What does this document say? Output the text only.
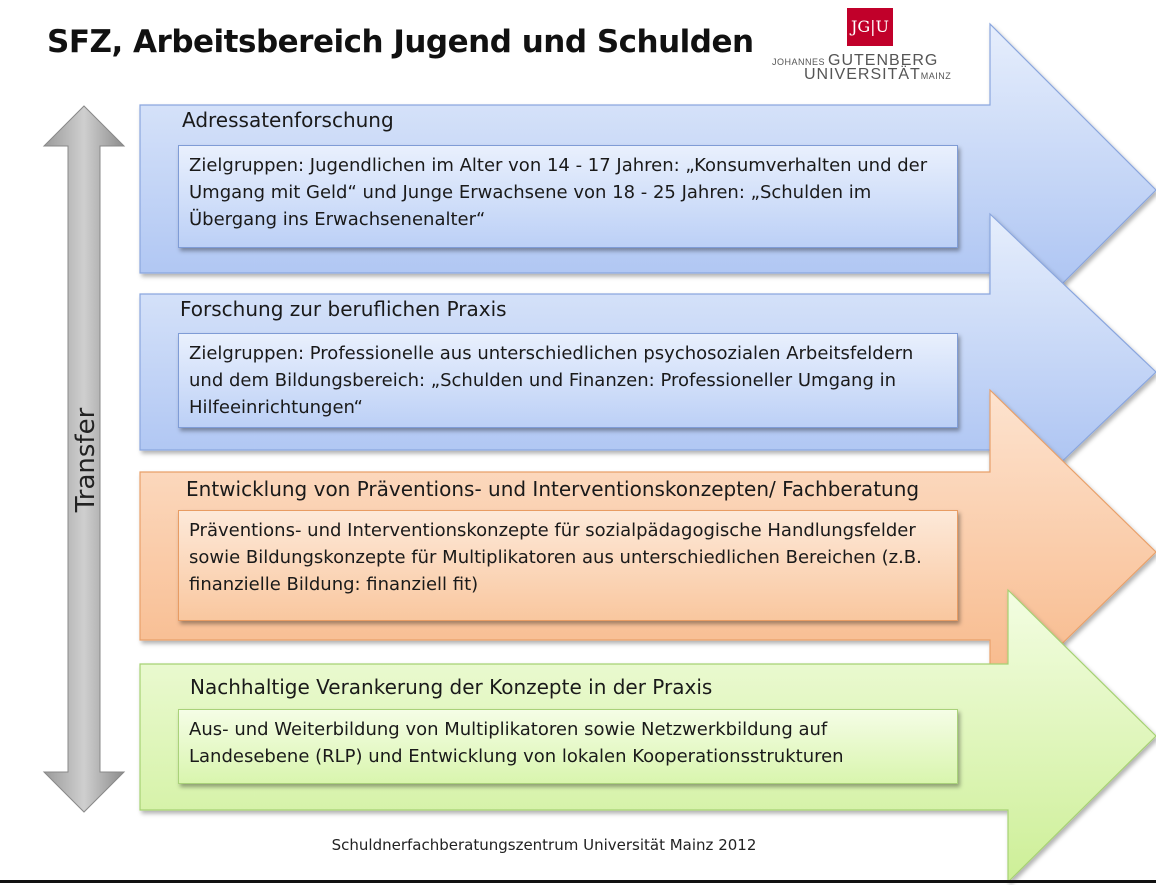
SFZ, Arbeitsbereich Jugend und Schulden	JG|U
JOHANNES GUTENBERG
UNIVERSITÄTMAINZ
Transfer
Adressatenforschung
Zielgruppen: Jugendlichen im Alter von 14 - 17 Jahren: „Konsumverhalten und der Umgang mit Geld“ und Junge Erwachsene von 18 - 25 Jahren: „Schulden im Übergang ins Erwachsenenalter“
Forschung zur beruflichen Praxis
Zielgruppen: Professionelle aus unterschiedlichen psychosozialen Arbeitsfeldern und dem Bildungsbereich: „Schulden und Finanzen: Professioneller Umgang in Hilfeeinrichtungen“
Entwicklung von Präventions- und Interventionskonzepten/ Fachberatung
Präventions- und Interventionskonzepte für sozialpädagogische Handlungsfelder sowie Bildungskonzepte für Multiplikatoren aus unterschiedlichen Bereichen (z.B. finanzielle Bildung: finanziell fit)
Nachhaltige Verankerung der Konzepte in der Praxis
Aus- und Weiterbildung von Multiplikatoren sowie Netzwerkbildung auf Landesebene (RLP) und Entwicklung von lokalen Kooperationsstrukturen
Schuldnerfachberatungszentrum Universität Mainz 2012
